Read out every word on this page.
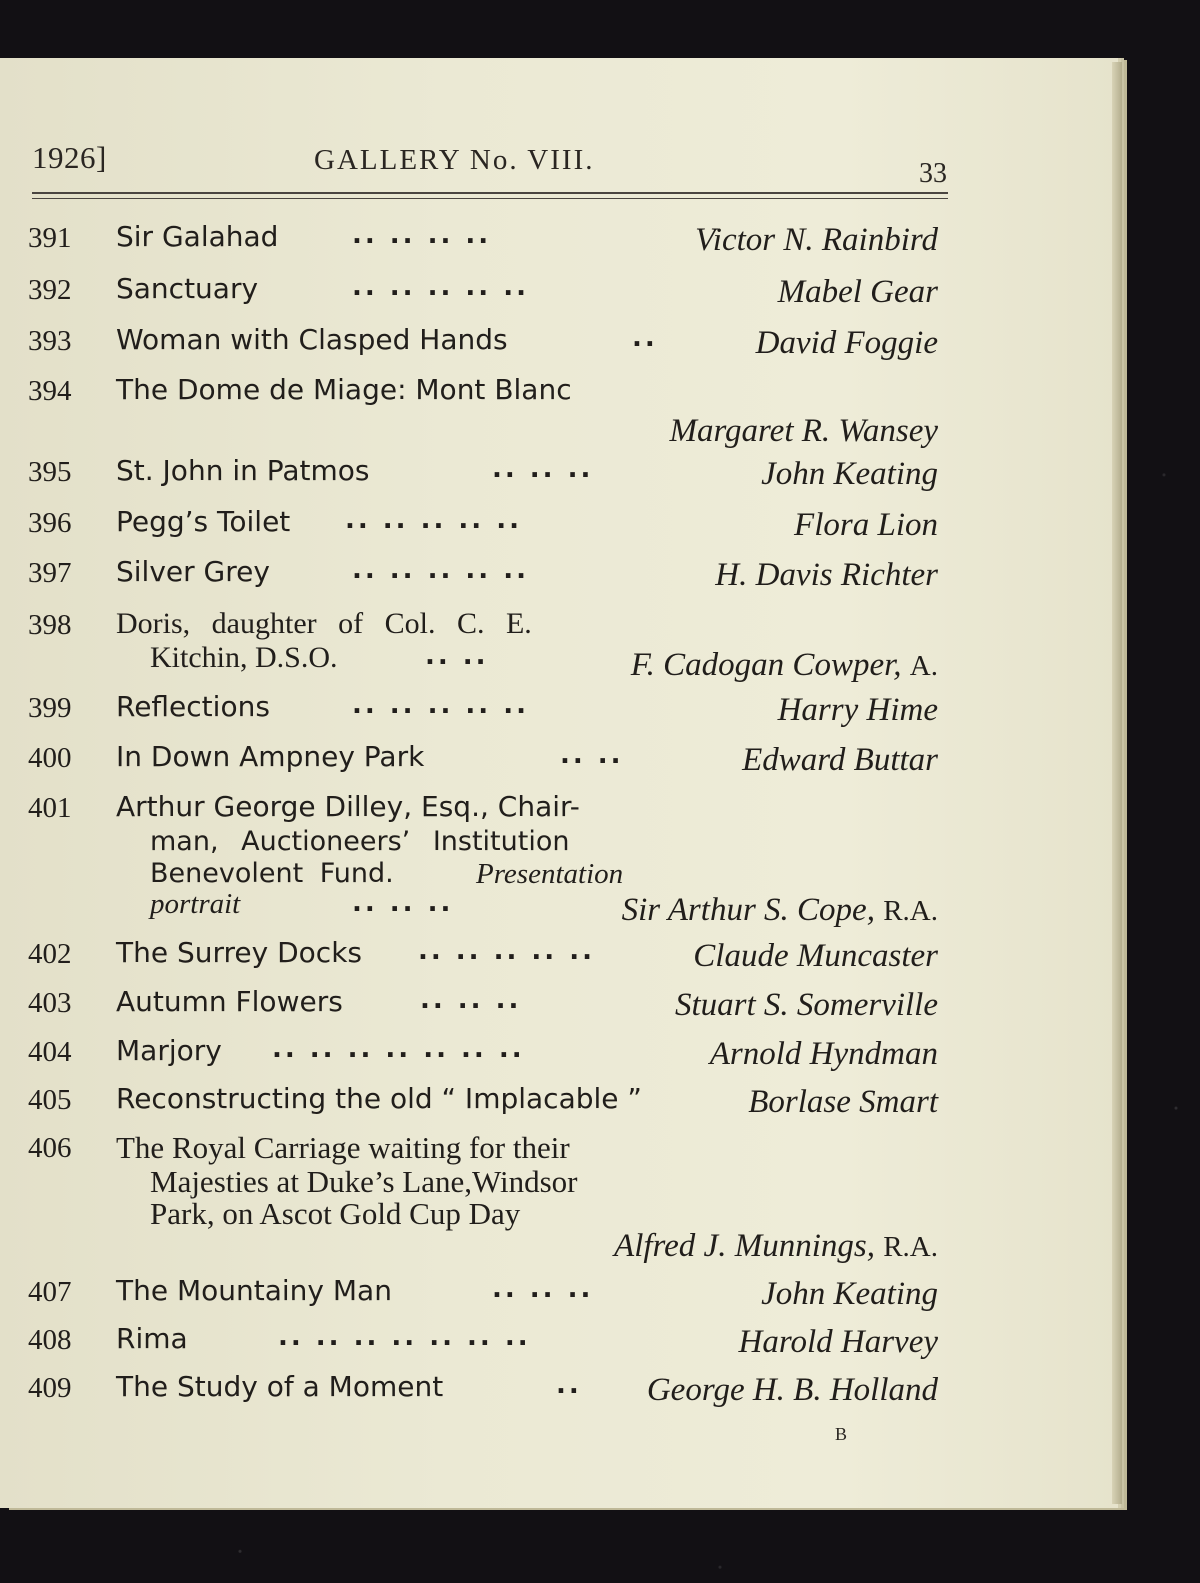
1926]	GALLERY No. VIII.	33
391 Sir Galahad	.. .. .. ..	Victor N. Rainbird
392 Sanctuary	.. .. .. .. ..	Mabel Gear
393 Woman with Clasped Hands	..	David Foggie
394 The Dome de Miage: Mont Blanc
Margaret R. Wansey
395 St. John in Patmos	.. .. ..	John Keating
396 Pegg’s Toilet .. .. .. .. ..	Flora Lion
397 Silver Grey	.. .. .. .. ..	H. Davis Richter
398 Doris, daughter of Col. C. E.
Kitchin, D.S.O.	.. ..	F. Cadogan Cowper, A.
399 Reflections	.. .. .. .. ..	Harry Hime
400 In Down Ampney Park	.. ..	Edward Buttar
401 Arthur George Dilley, Esq., Chair-
man, Auctioneers’ Institution
Benevolent Fund.	Presentation
portrait	.. .. ..	Sir Arthur S. Cope, R.A.
402 The Surrey Docks .. .. .. .. ..	Claude Muncaster
403 Autumn Flowers	.. .. ..	Stuart S. Somerville
404 Marjory .. .. .. .. .. .. ..	Arnold Hyndman
405 Reconstructing the old “ Implacable ”	Borlase Smart
406 The Royal Carriage waiting for their
Majesties at Duke’s Lane,Windsor
Park, on Ascot Gold Cup Day
Alfred J. Munnings, R.A.
407 The Mountainy Man	.. .. ..	John Keating
408 Rima	.. .. .. .. .. .. ..	Harold Harvey
409 The Study of a Moment	.. George H. B. Holland
B
